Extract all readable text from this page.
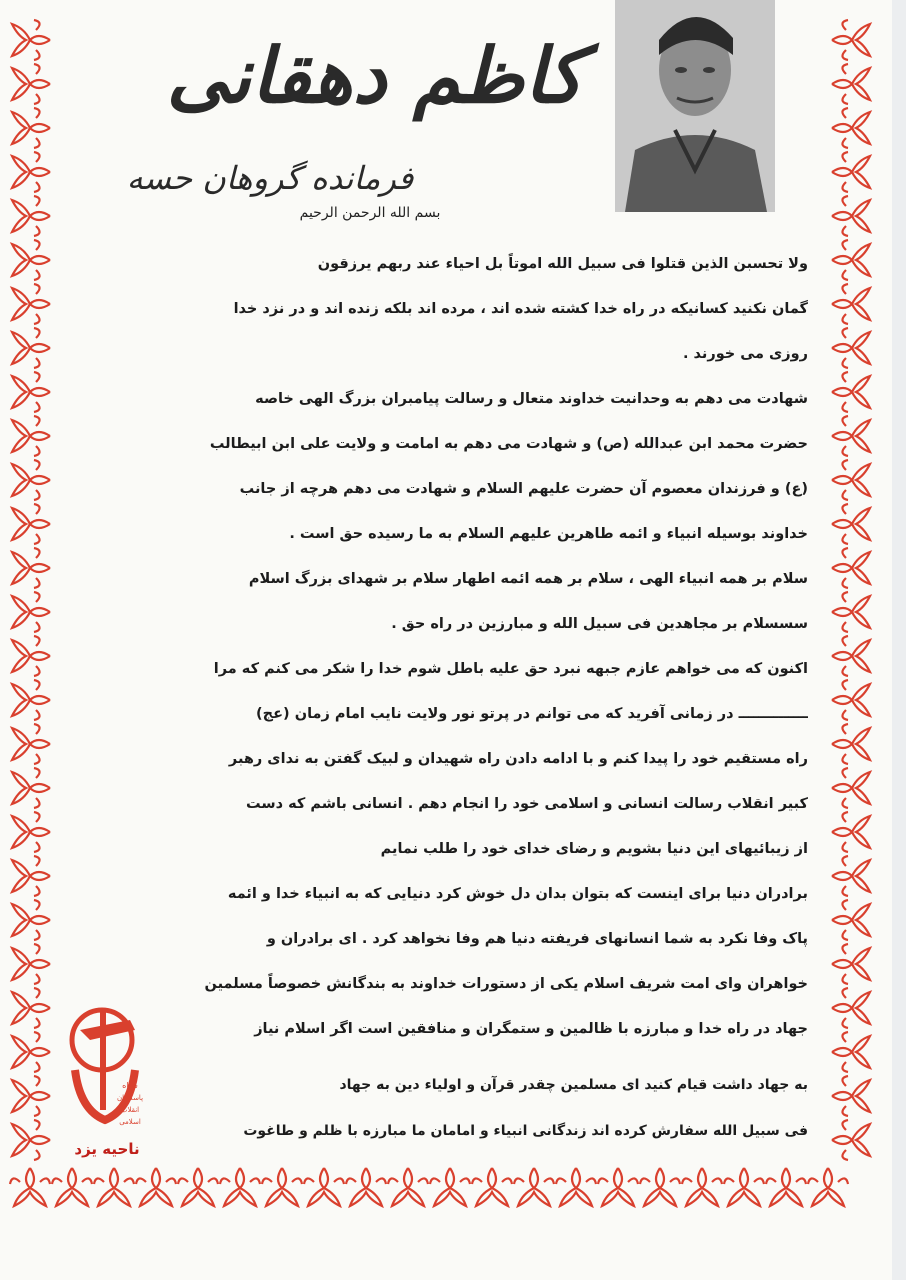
کاظم دهقانی
فرمانده گروهان حسه
بسم الله الرحمن الرحیم

ولا تحسبن الذین قتلوا فی سبیل الله اموتاً بل احیاء عند ربهم یرزقون

گمان نکنید کسانیکه در راه خدا کشته شده اند ، مرده اند بلکه زنده اند و در نزد خدا

روزی می خورند .

شهادت می دهم به وحدانیت خداوند متعال و رسالت پیامبران بزرگ الهی خاصه

حضرت محمد ابن عبدالله (ص) و شهادت می دهم به امامت و ولایت علی ابن ابیطالب

(ع) و فرزندان معصوم آن حضرت علیهم السلام و شهادت می دهم هرچه از جانب

خداوند بوسیله انبیاء و ائمه طاهرین علیهم السلام به ما رسیده حق است .

سلام بر همه انبیاء الهی ، سلام بر همه ائمه اطهار سلام بر شهدای بزرگ اسلام

سسسلام بر مجاهدین فی سبیل الله و مبارزین در راه حق .

اکنون که می خواهم عازم جبهه نبرد حق علیه باطل شوم خدا را شکر می کنم که مرا

ــــــــــــــ در زمانی آفرید که می توانم در پرتو نور ولایت نایب امام زمان (عج)

راه مستقیم خود را پیدا کنم و با ادامه دادن راه شهیدان و لبیک گفتن به ندای رهبر

کبیر انقلاب رسالت انسانی و اسلامی خود را انجام دهم . انسانی باشم که دست

از زیبائیهای این دنیا بشویم و رضای خدای خود را طلب نمایم

برادران دنیا برای اینست که بتوان بدان دل خوش کرد دنیایی که به انبیاء خدا و ائمه

پاک وفا نکرد به شما انسانهای فریفته دنیا هم وفا نخواهد کرد . ای برادران و

خواهران وای امت شریف اسلام یکی از دستورات خداوند به بندگانش خصوصاً مسلمین

جهاد در راه خدا و مبارزه با ظالمین و ستمگران و منافقین است اگر اسلام نیاز

سپاه
پاسداران
انقلاب
اسلامی
ناحیه یزد

به جهاد داشت قیام کنید ای مسلمین چقدر قرآن و اولیاء دین به جهاد

فی سبیل الله سفارش کرده اند زندگانی انبیاء و امامان ما مبارزه با ظلم و طاغوت
